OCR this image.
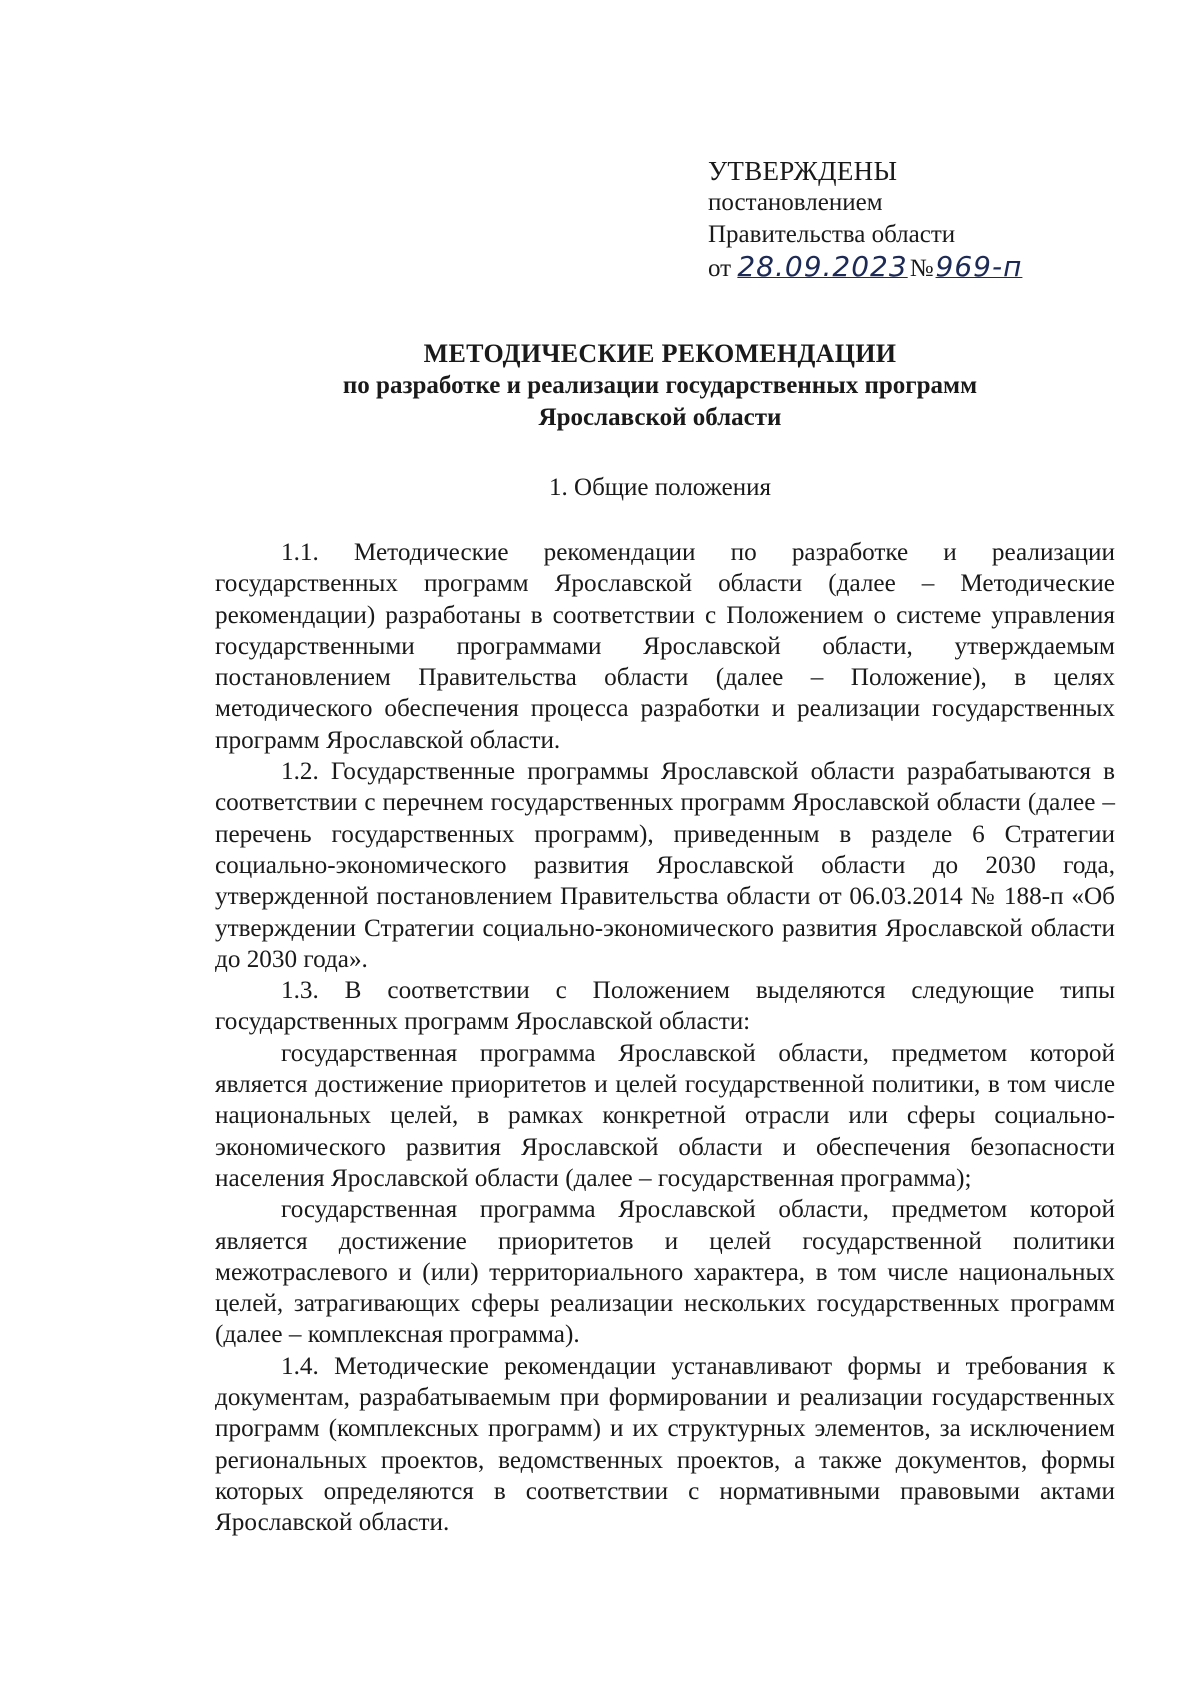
УТВЕРЖДЕНЫ
постановлением
Правительства области
от 28.09.2023№969-п
МЕТОДИЧЕСКИЕ РЕКОМЕНДАЦИИ
по разработке и реализации государственных программ
Ярославской области
1. Общие положения

1.1. Методические рекомендации по разработке и реализации государственных программ Ярославской области (далее – Методические рекомендации) разработаны в соответствии с Положением о системе управления государственными программами Ярославской области, утверждаемым постановлением Правительства области (далее – Положение), в целях методического обеспечения процесса разработки и реализации государственных программ Ярославской области.

1.2. Государственные программы Ярославской области разрабатываются в соответствии с перечнем государственных программ Ярославской области (далее – перечень государственных программ), приведенным в разделе 6 Стратегии социально-экономического развития Ярославской области до 2030 года, утвержденной постановлением Правительства области от 06.03.2014 № 188-п «Об утверждении Стратегии социально-экономического развития Ярославской области до 2030 года».

1.3. В соответствии с Положением выделяются следующие типы государственных программ Ярославской области:

государственная программа Ярославской области, предметом которой является достижение приоритетов и целей государственной политики, в том числе национальных целей, в рамках конкретной отрасли или сферы социально-экономического развития Ярославской области и обеспечения безопасности населения Ярославской области (далее – государственная программа);

государственная программа Ярославской области, предметом которой является достижение приоритетов и целей государственной политики межотраслевого и (или) территориального характера, в том числе национальных целей, затрагивающих сферы реализации нескольких государственных программ (далее – комплексная программа).

1.4. Методические рекомендации устанавливают формы и требования к документам, разрабатываемым при формировании и реализации государственных программ (комплексных программ) и их структурных элементов, за исключением региональных проектов, ведомственных проектов, а также документов, формы которых определяются в соответствии с нормативными правовыми актами Ярославской области.
